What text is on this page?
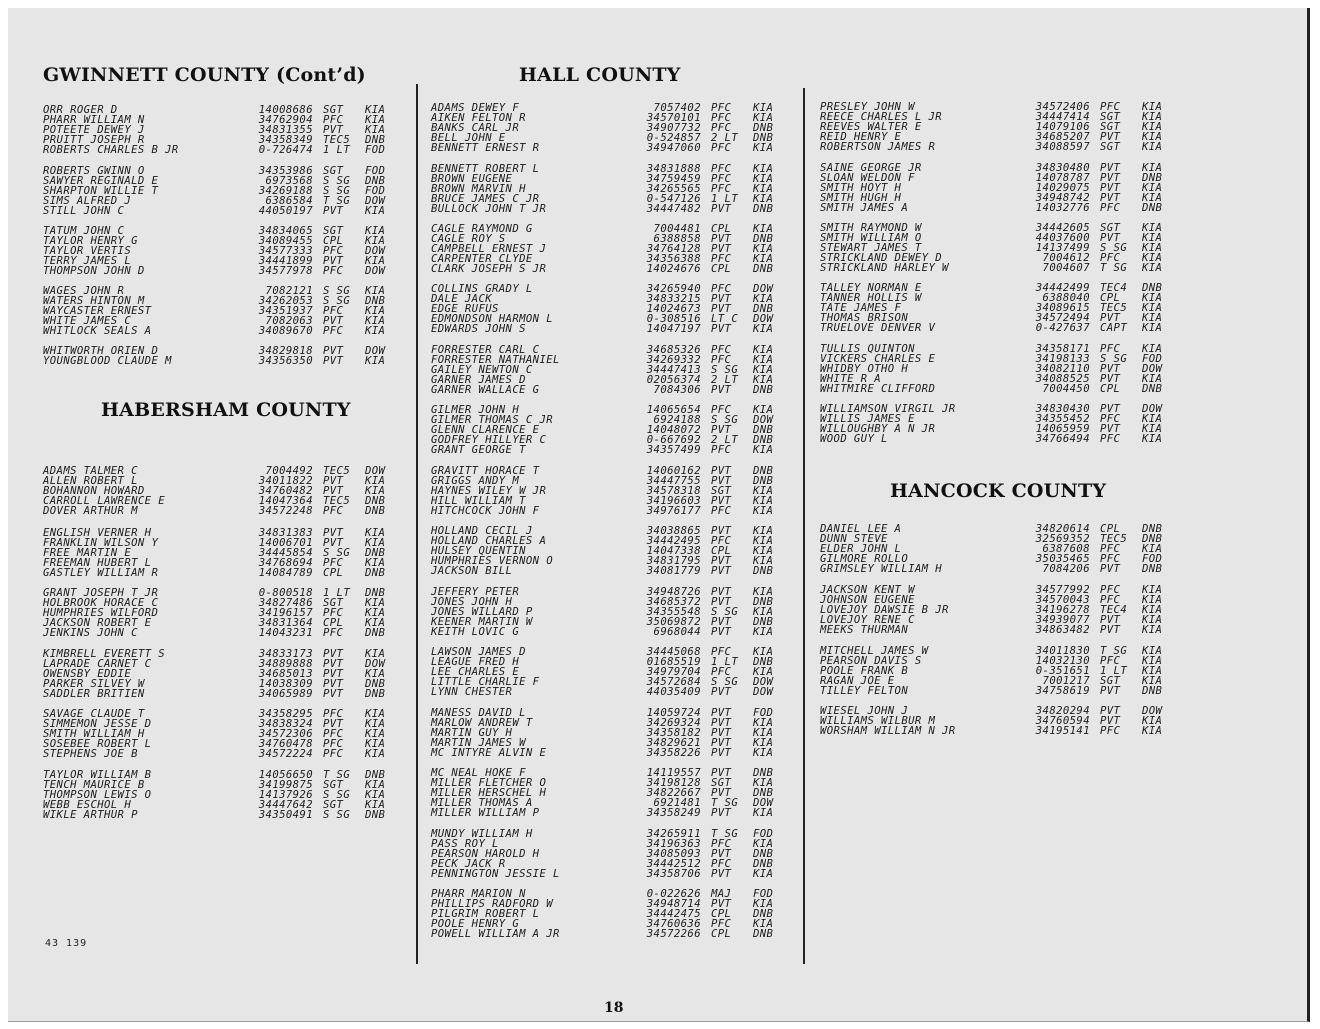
GWINNETT COUNTY (Cont’d)
ORR ROGER D	14008686 SGT KIA
PHARR WILLIAM N	34762904 PFC KIA
POTEETE DEWEY J	34831355 PVT KIA
PRUITT JOSEPH R	34358349 TEC5 DNB
ROBERTS CHARLES B JR	0-726474 1 LT FOD
ROBERTS GWINN O	34353986 SGT FOD
SAWYER REGINALD E	6973568 S SG DNB
SHARPTON WILLIE T	34269188 S SG FOD
SIMS ALFRED J	6386584 T SG DOW
STILL JOHN C	44050197 PVT KIA
TATUM JOHN C	34834065 SGT KIA
TAYLOR HENRY G	34089455 CPL KIA
TAYLOR VERTIS	34577333 PFC DOW
TERRY JAMES L	34441899 PVT KIA
THOMPSON JOHN D	34577978 PFC DOW
WAGES JOHN R	7082121 S SG KIA
WATERS HINTON M	34262053 S SG DNB
WAYCASTER ERNEST	34351937 PFC KIA
WHITE JAMES C	7082063 PVT KIA
WHITLOCK SEALS A	34089670 PFC KIA
WHITWORTH ORIEN D	34829818 PVT DOW
YOUNGBLOOD CLAUDE M	34356350 PVT KIA
HABERSHAM COUNTY
ADAMS TALMER C	7004492 TEC5 DOW
ALLEN ROBERT L	34011822 PVT KIA
BOHANNON HOWARD	34760482 PVT KIA
CARROLL LAWRENCE E	14047364 TEC5 DNB
DOVER ARTHUR M	34572248 PFC DNB
ENGLISH VERNER H	34831383 PVT KIA
FRANKLIN WILSON Y	14006701 PVT KIA
FREE MARTIN E	34445854 S SG DNB
FREEMAN HUBERT L	34768694 PFC KIA
GASTLEY WILLIAM R	14084789 CPL DNB
GRANT JOSEPH T JR	0-800518 1 LT DNB
HOLBROOK HORACE C	34827486 SGT KIA
HUMPHRIES WILFORD	34196157 PFC KIA
JACKSON ROBERT E	34831364 CPL KIA
JENKINS JOHN C	14043231 PFC DNB
KIMBRELL EVERETT S	34833173 PVT KIA
LAPRADE CARNET C	34889888 PVT DOW
OWENSBY EDDIE	34685013 PVT KIA
PARKER SILVEY W	14038309 PVT DNB
SADDLER BRITIEN	34065989 PVT DNB
SAVAGE CLAUDE T	34358295 PFC KIA
SIMMEMON JESSE D	34838324 PVT KIA
SMITH WILLIAM H	34572306 PFC KIA
SOSEBEE ROBERT L	34760478 PFC KIA
STEPHENS JOE B	34572224 PFC KIA
TAYLOR WILLIAM B	14056650 T SG DNB
TENCH MAURICE B	34199875 SGT KIA
THOMPSON LEWIS O	14137926 S SG KIA
WEBB ESCHOL H	34447642 SGT KIA
WIKLE ARTHUR P	34350491 S SG DNB
HALL COUNTY
ADAMS DEWEY F	7057402 PFC KIA
AIKEN FELTON R	34570101 PFC KIA
BANKS CARL JR	34907732 PFC DNB
BELL JOHN E	0-524857 2 LT DNB
BENNETT ERNEST R	34947060 PFC KIA
BENNETT ROBERT L	34831888 PFC KIA
BROWN EUGENE	34759459 PFC KIA
BROWN MARVIN H	34265565 PFC KIA
BRUCE JAMES C JR	0-547126 1 LT KIA
BULLOCK JOHN T JR	34447482 PVT DNB
CAGLE RAYMOND G	7004481 CPL KIA
CAGLE ROY S	6388858 PVT DNB
CAMPBELL ERNEST J	34764128 PVT KIA
CARPENTER CLYDE	34356388 PFC KIA
CLARK JOSEPH S JR	14024676 CPL DNB
COLLINS GRADY L	34265940 PFC DOW
DALE JACK	34833215 PVT KIA
EDGE RUFUS	14024673 PVT DNB
EDMONDSON HARMON L	0-308516 LT C DOW
EDWARDS JOHN S	14047197 PVT KIA
FORRESTER CARL C	34685326 PFC KIA
FORRESTER NATHANIEL	34269332 PFC KIA
GAILEY NEWTON C	34447413 S SG KIA
GARNER JAMES D	02056374 2 LT KIA
GARNER WALLACE G	7084306 PVT DNB
GILMER JOHN H	14065654 PFC KIA
GILMER THOMAS C JR	6924188 S SG DOW
GLENN CLARENCE E	14048072 PVT DNB
GODFREY HILLYER C	0-667692 2 LT DNB
GRANT GEORGE T	34357499 PFC KIA
GRAVITT HORACE T	14060162 PVT DNB
GRIGGS ANDY M	34447755 PVT DNB
HAYNES WILEY W JR	34578318 SGT KIA
HILL WILLIAM T	34196603 PVT KIA
HITCHCOCK JOHN F	34976177 PFC KIA
HOLLAND CECIL J	34038865 PVT KIA
HOLLAND CHARLES A	34442495 PFC KIA
HULSEY QUENTIN	14047338 CPL KIA
HUMPHRIES VERNON O	34831795 PVT KIA
JACKSON BILL	34081779 PVT DNB
JEFFERY PETER	34948726 PVT KIA
JONES JOHN H	34685372 PVT DNB
JONES WILLARD P	34355548 S SG KIA
KEENER MARTIN W	35069872 PVT DNB
KEITH LOVIC G	6968044 PVT KIA
LAWSON JAMES D	34445068 PFC KIA
LEAGUE FRED H	01685519 1 LT DNB
LEE CHARLES E	34979704 PFC KIA
LITTLE CHARLIE F	34572684 S SG DOW
LYNN CHESTER	44035409 PVT DOW
MANESS DAVID L	14059724 PVT FOD
MARLOW ANDREW T	34269324 PVT KIA
MARTIN GUY H	34358182 PVT KIA
MARTIN JAMES W	34829621 PVT KIA
MC INTYRE ALVIN E	34358226 PVT KIA
MC NEAL HOKE F	14119557 PVT DNB
MILLER FLETCHER O	34198128 SGT KIA
MILLER HERSCHEL H	34822667 PVT DNB
MILLER THOMAS A	6921481 T SG DOW
MILLER WILLIAM P	34358249 PVT KIA
MUNDY WILLIAM H	34265911 T SG FOD
PASS ROY L	34196363 PFC KIA
PEARSON HAROLD H	34085093 PVT DNB
PECK JACK R	34442512 PFC DNB
PENNINGTON JESSIE L	34358706 PVT KIA
PHARR MARION N	0-022626 MAJ FOD
PHILLIPS RADFORD W	34948714 PVT KIA
PILGRIM ROBERT L	34442475 CPL DNB
POOLE HENRY G	34760636 PFC KIA
POWELL WILLIAM A JR	34572266 CPL DNB
PRESLEY JOHN W	34572406 PFC KIA
REECE CHARLES L JR	34447414 SGT KIA
REEVES WALTER E	14079106 SGT KIA
REID HENRY E	34685207 PVT KIA
ROBERTSON JAMES R	34088597 SGT KIA
SAINE GEORGE JR	34830480 PVT KIA
SLOAN WELDON F	14078787 PVT DNB
SMITH HOYT H	14029075 PVT KIA
SMITH HUGH H	34948742 PVT KIA
SMITH JAMES A	14032776 PFC DNB
SMITH RAYMOND W	34442605 SGT KIA
SMITH WILLIAM O	44037600 PVT KIA
STEWART JAMES T	14137499 S SG KIA
STRICKLAND DEWEY D	7004612 PFC KIA
STRICKLAND HARLEY W	7004607 T SG KIA
TALLEY NORMAN E	34442499 TEC4 DNB
TANNER HOLLIS W	6388040 CPL KIA
TATE JAMES F	34089615 TEC5 KIA
THOMAS BRISON	34572494 PVT KIA
TRUELOVE DENVER V	0-427637 CAPT KIA
TULLIS QUINTON	34358171 PFC KIA
VICKERS CHARLES E	34198133 S SG FOD
WHIDBY OTHO H	34082110 PVT DOW
WHITE R A	34088525 PVT KIA
WHITMIRE CLIFFORD	7004450 CPL DNB
WILLIAMSON VIRGIL JR	34830430 PVT DOW
WILLIS JAMES E	34355452 PFC KIA
WILLOUGHBY A N JR	14065959 PVT KIA
WOOD GUY L	34766494 PFC KIA
HANCOCK COUNTY
DANIEL LEE A	34820614 CPL DNB
DUNN STEVE	32569352 TEC5 DNB
ELDER JOHN L	6387608 PFC KIA
GILMORE ROLLO	35035465 PFC FOD
GRIMSLEY WILLIAM H	7084206 PVT DNB
JACKSON KENT W	34577992 PFC KIA
JOHNSON EUGENE	34570043 PFC KIA
LOVEJOY DAWSIE B JR	34196278 TEC4 KIA
LOVEJOY RENE C	34939077 PVT KIA
MEEKS THURMAN	34863482 PVT KIA
MITCHELL JAMES W	34011830 T SG KIA
PEARSON DAVIS S	14032130 PFC KIA
POOLE FRANK B	0-351651 1 LT KIA
RAGAN JOE E	7001217 SGT KIA
TILLEY FELTON	34758619 PVT DNB
WIESEL JOHN J	34820294 PVT DOW
WILLIAMS WILBUR M	34760594 PVT KIA
WORSHAM WILLIAM N JR	34195141 PFC KIA
43 139
18
